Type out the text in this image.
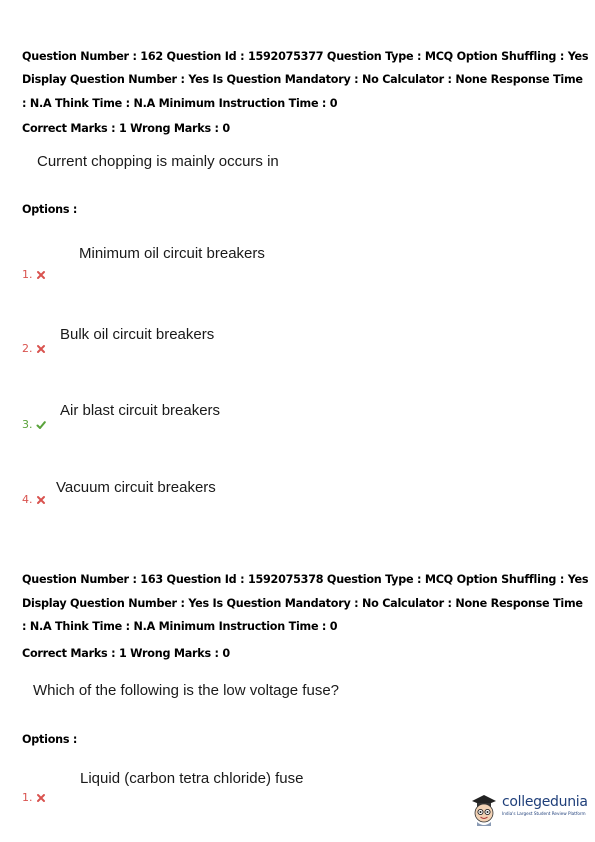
Question Number : 162 Question Id : 1592075377 Question Type : MCQ Option Shuffling : Yes
Display Question Number : Yes Is Question Mandatory : No Calculator : None Response Time
: N.A Think Time : N.A Minimum Instruction Time : 0
Correct Marks : 1 Wrong Marks : 0
Current chopping is mainly occurs in
Options :
Minimum oil circuit breakers
1.
Bulk oil circuit breakers
2.
Air blast circuit breakers
3.
Vacuum circuit breakers
4.
Question Number : 163 Question Id : 1592075378 Question Type : MCQ Option Shuffling : Yes
Display Question Number : Yes Is Question Mandatory : No Calculator : None Response Time
: N.A Think Time : N.A Minimum Instruction Time : 0
Correct Marks : 1 Wrong Marks : 0
Which of the following is the low voltage fuse?
Options :
Liquid (carbon tetra chloride) fuse
1.	collegedunia
India's Largest Student Review Platform
